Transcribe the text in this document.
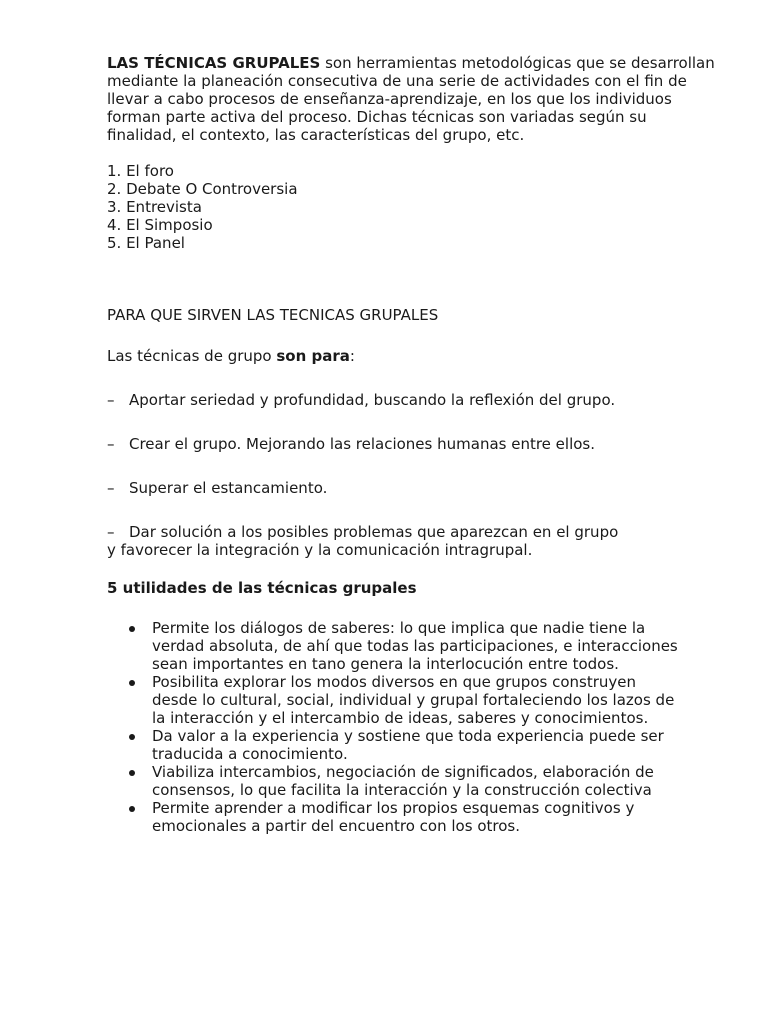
LAS TÉCNICAS GRUPALES son herramientas metodológicas que se desarrollan mediante la planeación consecutiva de una serie de actividades con el fin de llevar a cabo procesos de enseñanza-aprendizaje, en los que los individuos forman parte activa del proceso. Dichas técnicas son variadas según su finalidad, el contexto, las características del grupo, etc.

1. El foro
2. Debate O Controversia
3. Entrevista
4. El Simposio
5. El Panel
PARA QUE SIRVEN LAS TECNICAS GRUPALES

Las técnicas de grupo son para:

– Aportar seriedad y profundidad, buscando la reflexión del grupo.
– Crear el grupo. Mejorando las relaciones humanas entre ellos.
– Superar el estancamiento.
– Dar solución a los posibles problemas que aparezcan en el grupo

y favorecer la integración y la comunicación intragrupal.

5 utilidades de las técnicas grupales
Permite los diálogos de saberes: lo que implica que nadie tiene la verdad absoluta, de ahí que todas las participaciones, e interacciones sean importantes en tano genera la interlocución entre todos.
Posibilita explorar los modos diversos en que grupos construyen desde lo cultural, social, individual y grupal fortaleciendo los lazos de la interacción y el intercambio de ideas, saberes y conocimientos.
Da valor a la experiencia y sostiene que toda experiencia puede ser traducida a conocimiento.
Viabiliza intercambios, negociación de significados, elaboración de consensos, lo que facilita la interacción y la construcción colectiva
Permite aprender a modificar los propios esquemas cognitivos y emocionales a partir del encuentro con los otros.
